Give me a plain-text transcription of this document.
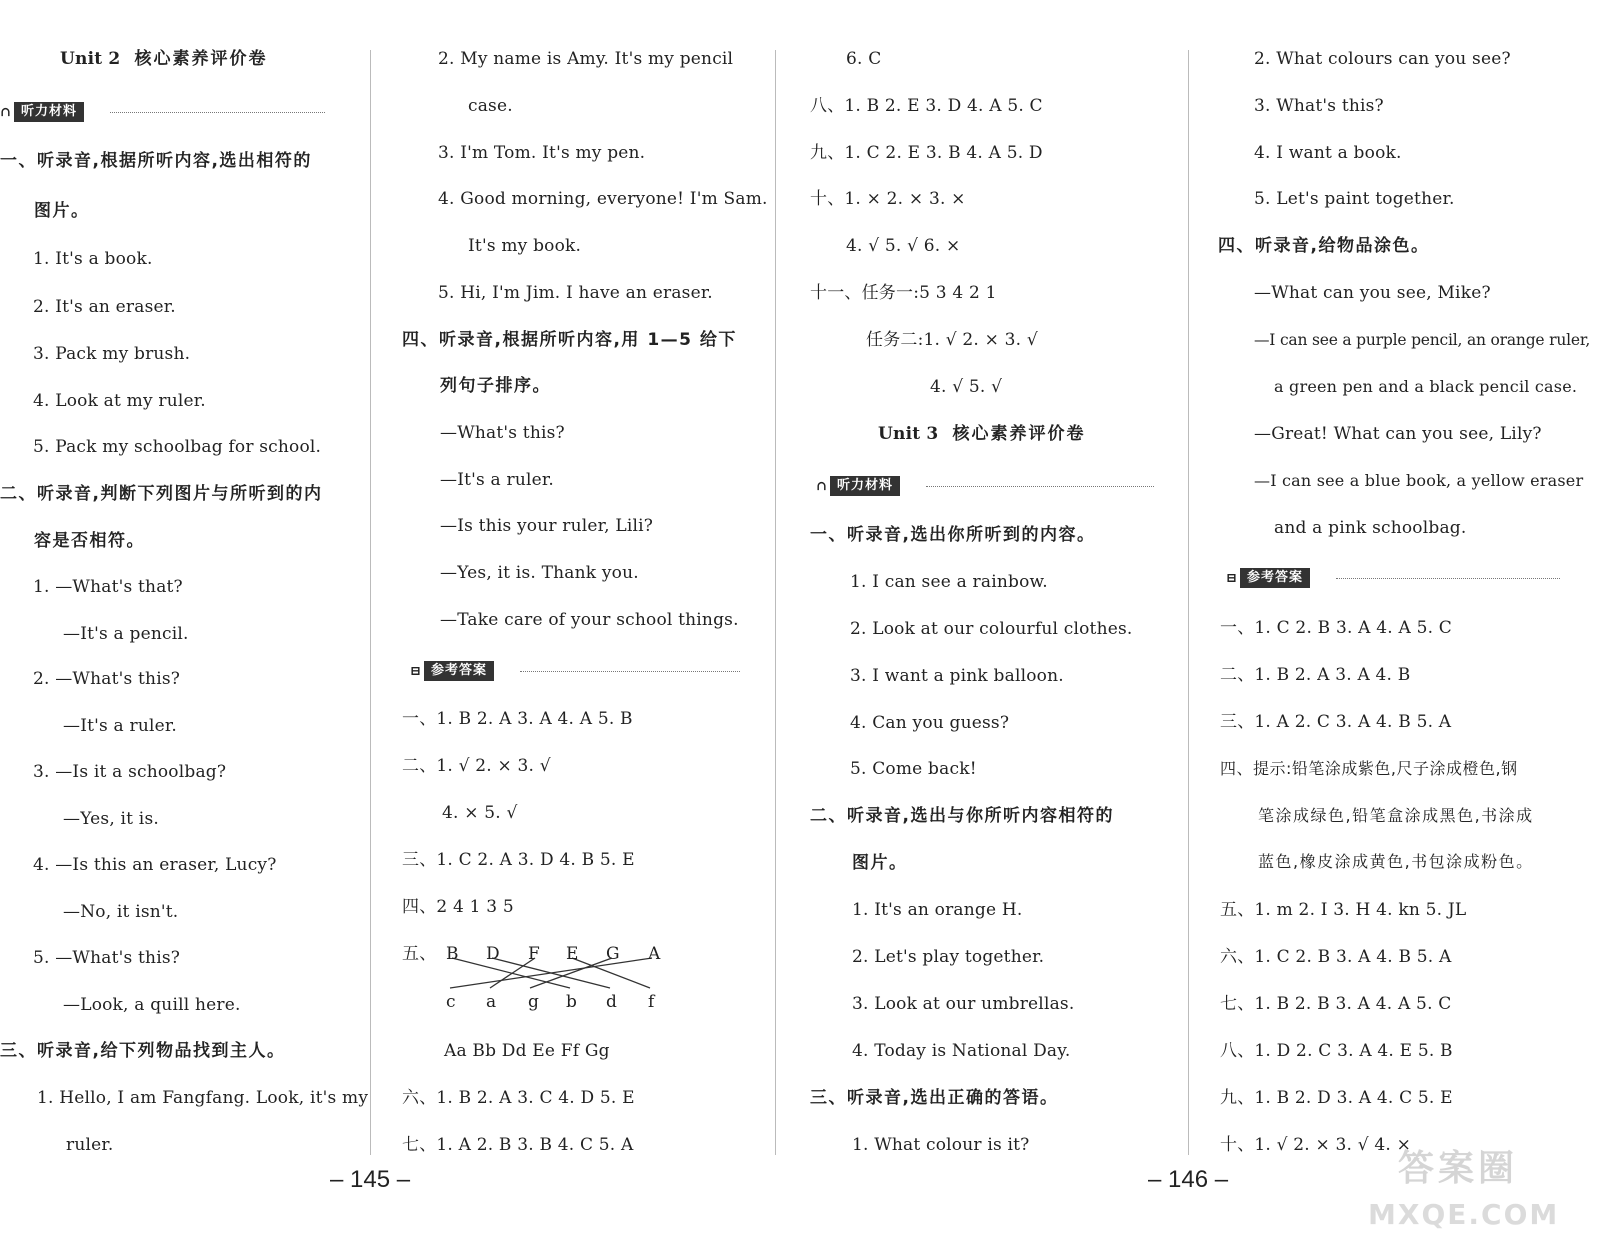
Unit 2 核心素养评价卷
∩ 听力材料
一、听录音,根据所听内容,选出相符的
图片。
1. It's a book.
2. It's an eraser.
3. Pack my brush.
4. Look at my ruler.
5. Pack my schoolbag for school.
二、听录音,判断下列图片与所听到的内
容是否相符。
1. —What's that?
—It's a pencil.
2. —What's this?
—It's a ruler.
3. —Is it a schoolbag?
—Yes, it is.
4. —Is this an eraser, Lucy?
—No, it isn't.
5. —What's this?
—Look, a quill here.
三、听录音,给下列物品找到主人。
1. Hello, I am Fangfang. Look, it's my
ruler.
2. My name is Amy. It's my pencil
case.
3. I'm Tom. It's my pen.
4. Good morning, everyone! I'm Sam.
It's my book.
5. Hi, I'm Jim. I have an eraser.
四、听录音,根据所听内容,用 1—5 给下
列句子排序。
—What's this?
—It's a ruler.
—Is this your ruler, Lili?
—Yes, it is. Thank you.
—Take care of your school things.
⊟ 参考答案
一、1. B 2. A 3. A 4. A 5. B
二、1. √ 2. × 3. √
4. × 5. √
三、1. C 2. A 3. D 4. B 5. E
四、2 4 1 3 5
五、 B D F E G A
c a g b d f
Aa Bb Dd Ee Ff Gg
六、1. B 2. A 3. C 4. D 5. E
七、1. A 2. B 3. B 4. C 5. A
– 145 –
6. C
八、1. B 2. E 3. D 4. A 5. C
九、1. C 2. E 3. B 4. A 5. D
十、1. × 2. × 3. ×
4. √ 5. √ 6. ×
十一、任务一:5 3 4 2 1
任务二:1. √ 2. × 3. √
4. √ 5. √
Unit 3 核心素养评价卷
∩ 听力材料
一、听录音,选出你所听到的内容。
1. I can see a rainbow.
2. Look at our colourful clothes.
3. I want a pink balloon.
4. Can you guess?
5. Come back!
二、听录音,选出与你所听内容相符的
图片。
1. It's an orange H.
2. Let's play together.
3. Look at our umbrellas.
4. Today is National Day.
三、听录音,选出正确的答语。
1. What colour is it?
2. What colours can you see?
3. What's this?
4. I want a book.
5. Let's paint together.
四、听录音,给物品涂色。
—What can you see, Mike?
—I can see a purple pencil, an orange ruler,
a green pen and a black pencil case.
—Great! What can you see, Lily?
—I can see a blue book, a yellow eraser
and a pink schoolbag.
⊟ 参考答案
一、1. C 2. B 3. A 4. A 5. C
二、1. B 2. A 3. A 4. B
三、1. A 2. C 3. A 4. B 5. A
四、提示:铅笔涂成紫色,尺子涂成橙色,钢
笔涂成绿色,铅笔盒涂成黑色,书涂成
蓝色,橡皮涂成黄色,书包涂成粉色。
五、1. m 2. I 3. H 4. kn 5. JL
六、1. C 2. B 3. A 4. B 5. A
七、1. B 2. B 3. A 4. A 5. C
八、1. D 2. C 3. A 4. E 5. B
九、1. B 2. D 3. A 4. C 5. E
十、1. √ 2. × 3. √ 4. ×
– 146 –	答案圈
MXQE.COM
